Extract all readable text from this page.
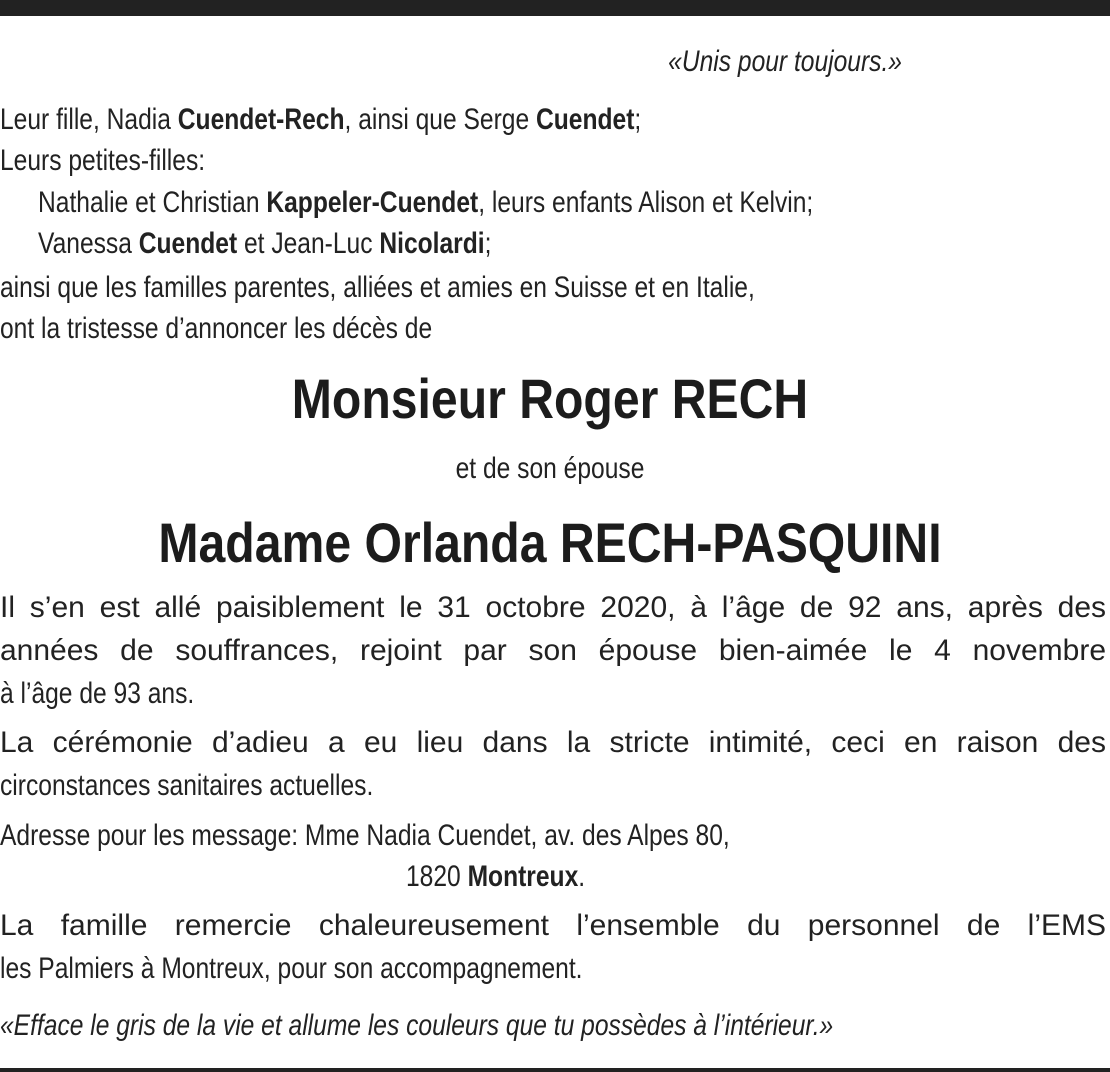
«Unis pour toujours.»
Leur fille, Nadia Cuendet-Rech, ainsi que Serge Cuendet;
Leurs petites-filles:
Nathalie et Christian Kappeler-Cuendet, leurs enfants Alison et Kelvin;
Vanessa Cuendet et Jean-Luc Nicolardi;
ainsi que les familles parentes, alliées et amies en Suisse et en Italie,
ont la tristesse d’annoncer les décès de
Monsieur Roger RECH
et de son épouse
Madame Orlanda RECH-PASQUINI
Il s’en est allé paisiblement le 31 octobre 2020, à l’âge de 92 ans, après des
années de souffrances, rejoint par son épouse bien-aimée le 4 novembre
à l’âge de 93 ans.
La cérémonie d’adieu a eu lieu dans la stricte intimité, ceci en raison des
circonstances sanitaires actuelles.
Adresse pour les message: Mme Nadia Cuendet, av. des Alpes 80,
1820 Montreux.
La famille remercie chaleureusement l’ensemble du personnel de l’EMS
les Palmiers à Montreux, pour son accompagnement.
«Efface le gris de la vie et allume les couleurs que tu possèdes à l’intérieur.»
